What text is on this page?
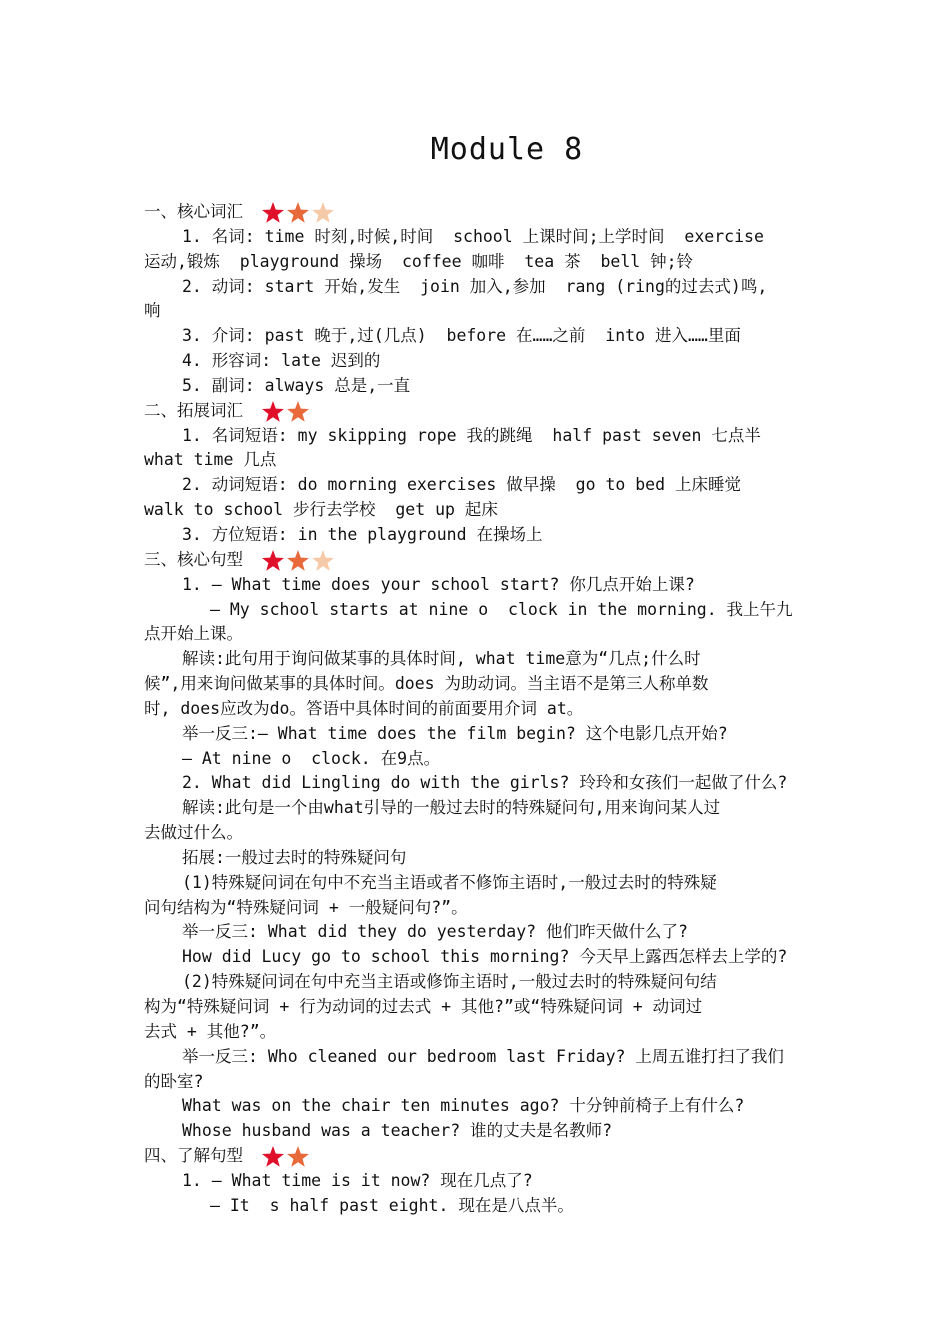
Module 8
一、核心词汇
1. 名词: time 时刻,时候,时间  school 上课时间;上学时间  exercise
运动,锻炼  playground 操场  coffee 咖啡  tea 茶  bell 钟;铃
2. 动词: start 开始,发生  join 加入,参加  rang (ring的过去式)鸣,
响
3. 介词: past 晚于,过(几点)  before 在……之前  into 进入……里面
4. 形容词: late 迟到的
5. 副词: always 总是,一直
二、拓展词汇
1. 名词短语: my skipping rope 我的跳绳  half past seven 七点半
what time 几点
2. 动词短语: do morning exercises 做早操  go to bed 上床睡觉
walk to school 步行去学校  get up 起床
3. 方位短语: in the playground 在操场上
三、核心句型
1. — What time does your school start? 你几点开始上课?
— My school starts at nine o  clock in the morning. 我上午九
点开始上课。
解读:此句用于询问做某事的具体时间, what time意为“几点;什么时
候”,用来询问做某事的具体时间。does 为助动词。当主语不是第三人称单数
时, does应改为do。答语中具体时间的前面要用介词 at。
举一反三:— What time does the film begin? 这个电影几点开始?
— At nine o  clock. 在9点。
2. What did Lingling do with the girls? 玲玲和女孩们一起做了什么?
解读:此句是一个由what引导的一般过去时的特殊疑问句,用来询问某人过
去做过什么。
拓展:一般过去时的特殊疑问句
(1)特殊疑问词在句中不充当主语或者不修饰主语时,一般过去时的特殊疑
问句结构为“特殊疑问词 + 一般疑问句?”。
举一反三: What did they do yesterday? 他们昨天做什么了?
How did Lucy go to school this morning? 今天早上露西怎样去上学的?
(2)特殊疑问词在句中充当主语或修饰主语时,一般过去时的特殊疑问句结
构为“特殊疑问词 + 行为动词的过去式 + 其他?”或“特殊疑问词 + 动词过
去式 + 其他?”。
举一反三: Who cleaned our bedroom last Friday? 上周五谁打扫了我们
的卧室?
What was on the chair ten minutes ago? 十分钟前椅子上有什么?
Whose husband was a teacher? 谁的丈夫是名教师?
四、了解句型
1. — What time is it now? 现在几点了?
— It  s half past eight. 现在是八点半。
